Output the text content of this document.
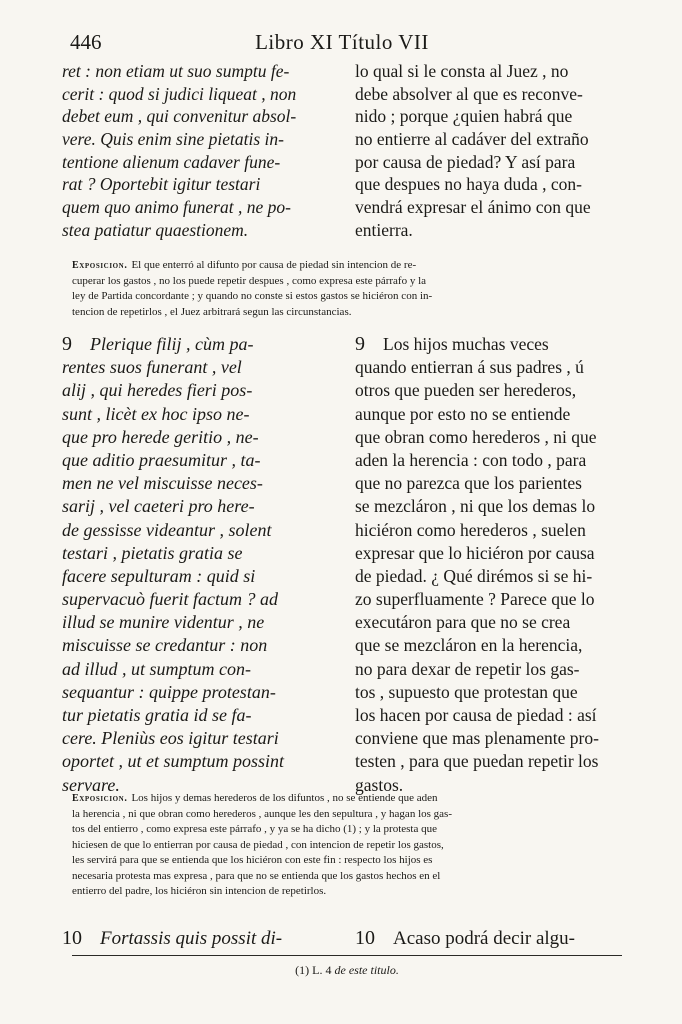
446	Libro XI Título VII
ret : non etiam ut suo sumptu fe-
cerit : quod si judici liqueat , non
debet eum , qui convenitur absol-
vere. Quis enim sine pietatis in-
tentione alienum cadaver fune-
rat ? Oportebit igitur testari
quem quo animo funerat , ne po-
stea patiatur quaestionem.
lo qual si le consta al Juez , no
debe absolver al que es reconve-
nido ; porque ¿quien habrá que
no entierre al cadáver del extraño
por causa de piedad? Y así para
que despues no haya duda , con-
vendrá expresar el ánimo con que
entierra.
Exposicion. El que enterró al difunto por causa de piedad sin intencion de re-
cuperar los gastos , no los puede repetir despues , como expresa este párrafo y la
ley de Partida concordante ; y quando no conste si estos gastos se hiciéron con in-
tencion de repetirlos , el Juez arbitrará segun las circunstancias.
9 Plerique filij , cùm pa-
rentes suos funerant , vel
alij , qui heredes fieri pos-
sunt , licèt ex hoc ipso ne-
que pro herede geritio , ne-
que aditio praesumitur , ta-
men ne vel miscuisse neces-
sarij , vel caeteri pro here-
de gessisse videantur , solent
testari , pietatis gratia se
facere sepulturam : quid si
supervacuò fuerit factum ? ad
illud se munire videntur , ne
miscuisse se credantur : non
ad illud , ut sumptum con-
sequantur : quippe protestan-
tur pietatis gratia id se fa-
cere. Pleniùs eos igitur testari
oportet , ut et sumptum possint
servare.
9 Los hijos muchas veces
quando entierran á sus padres , ú
otros que pueden ser herederos,
aunque por esto no se entiende
que obran como herederos , ni que
aden la herencia : con todo , para
que no parezca que los parientes
se mezcláron , ni que los demas lo
hiciéron como herederos , suelen
expresar que lo hiciéron por causa
de piedad. ¿ Qué dirémos si se hi-
zo superfluamente ? Parece que lo
executáron para que no se crea
que se mezcláron en la herencia,
no para dexar de repetir los gas-
tos , supuesto que protestan que
los hacen por causa de piedad : así
conviene que mas plenamente pro-
testen , para que puedan repetir los
gastos.
Exposicion. Los hijos y demas herederos de los difuntos , no se entiende que aden
la herencia , ni que obran como herederos , aunque les den sepultura , y hagan los gas-
tos del entierro , como expresa este párrafo , y ya se ha dicho (1) ; y la protesta que
hiciesen de que lo entierran por causa de piedad , con intencion de repetir los gastos,
les servirá para que se entienda que los hiciéron con este fin : respecto los hijos es
necesaria protesta mas expresa , para que no se entienda que los gastos hechos en el
entierro del padre, los hiciéron sin intencion de repetirlos.
10 Fortassis quis possit di-	10 Acaso podrá decir algu-
(1) L. 4 de este titulo.
